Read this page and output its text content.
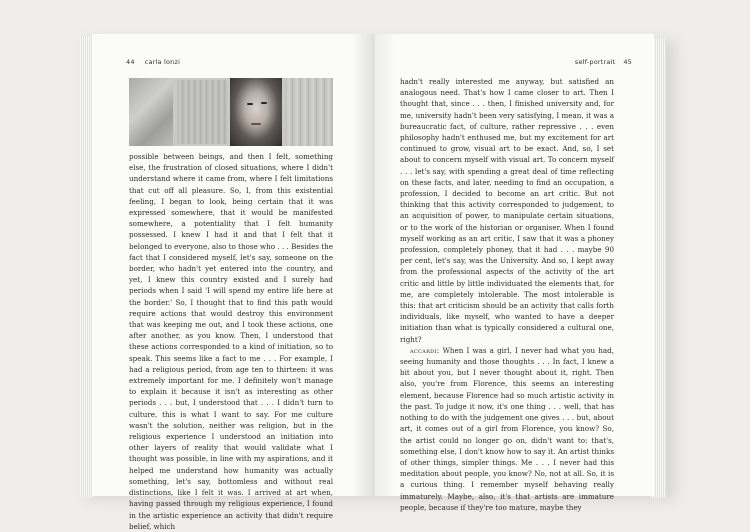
44 carla lonzi

possible between beings, and then I felt, something else, the frustration of closed situations, where I didn't understand where it came from, where I felt limitations that cut off all pleasure. So, I, from this existential feeling, I began to look, being certain that it was expressed somewhere, that it would be manifested somewhere, a potentiality that I felt humanity possessed. I knew I had it and that I felt that it belonged to everyone, also to those who . . . Besides the fact that I considered myself, let's say, someone on the border, who hadn't yet entered into the country, and yet, I knew this country existed and I surely had periods when I said 'I will spend my entire life here at the border.' So, I thought that to find this path would require actions that would destroy this environment that was keeping me out, and I took these actions, one after another, as you know. Then, I understood that these actions corresponded to a kind of initiation, so to speak. This seems like a fact to me . . . For example, I had a religious period, from age ten to thirteen: it was extremely important for me. I definitely won't manage to explain it because it isn't as interesting as other periods . . . but, I understood that . . . I didn't turn to culture, this is what I want to say. For me culture wasn't the solution, neither was religion, but in the religious experience I understood an initiation into other layers of reality that would validate what I thought was possible, in line with my aspirations, and it helped me understand how humanity was actually something, let's say, bottomless and without real distinctions, like I felt it was. I arrived at art when, having passed through my religious experience, I found in the artistic experience an activity that didn't require belief, which

self-portrait 45

hadn't really interested me anyway, but satisfied an analogous need. That's how I came closer to art. Then I thought that, since . . . then, I finished university and, for me, university hadn't been very satisfying, I mean, it was a bureaucratic fact, of culture, rather repressive . . . even philosophy hadn't enthused me, but my excitement for art continued to grow, visual art to be exact. And, so, I set about to concern myself with visual art. To concern myself . . . let's say, with spending a great deal of time reflecting on these facts, and later, needing to find an occupation, a profession, I decided to become an art critic. But not thinking that this activity corresponded to judgement, to an acquisition of power, to manipulate certain situations, or to the work of the historian or organiser. When I found myself working as an art critic, I saw that it was a phoney profession, completely phoney, that it had . . . maybe 90 per cent, let's say, was the University. And so, I kept away from the professional aspects of the activity of the art critic and little by little individuated the elements that, for me, are completely intolerable. The most intolerable is this: that art criticism should be an activity that calls forth individuals, like myself, who wanted to have a deeper initiation than what is typically considered a cultural one, right?

accardi: When I was a girl, I never had what you had, seeing humanity and those thoughts . . . In fact, I knew a bit about you, but I never thought about it, right. Then also, you're from Florence, this seems an interesting element, because Florence had so much artistic activity in the past. To judge it now, it's one thing . . . well, that has nothing to do with the judgement one gives . . . but, about art, it comes out of a girl from Florence, you know? So, the artist could no longer go on, didn't want to: that's, something else, I don't know how to say it. An artist thinks of other things, simpler things. Me . . . I never had this meditation about people, you know? No, not at all. So, it is a curious thing. I remember myself behaving really immaturely. Maybe, also, it's that artists are immature people, because if they're too mature, maybe they
